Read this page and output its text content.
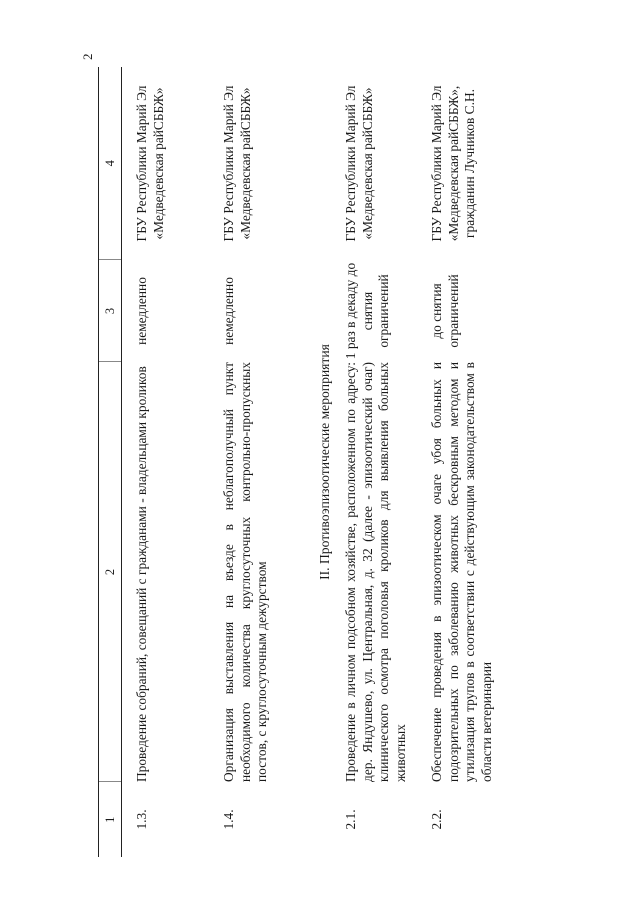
2
1	2	3	4
1.3.	Проведение собраний, совещаний с гражданами - владельцами кроликов	немедленно	ГБУ Республики Марий Эл «Медведевская райСББЖ»
1.4.	Организация выставления на въезде в неблагополучный пункт необходимого количества круглосуточных контрольно-пропускных постов, с круглосуточным дежурством	немедленно	ГБУ Республики Марий Эл «Медведевская райСББЖ»
II. Противоэпизоотические мероприятия			
2.1.	Проведение в личном подсобном хозяйстве, расположенном по адресу: дер. Яндушево, ул. Центральная, д. 32 (далее - эпизоотический очаг) клинического осмотра поголовья кроликов для выявления больных животных	1 раз в декаду до снятия ограничений	ГБУ Республики Марий Эл «Медведевская райСББЖ»
2.2.	Обеспечение проведения в эпизоотическом очаге убоя больных и подозрительных по заболеванию животных бескровным методом и утилизация трупов в соответствии с действующим законодательством в области ветеринарии	до снятия ограничений	ГБУ Республики Марий Эл «Медведевская райСББЖ», гражданин Лучников С.Н.
